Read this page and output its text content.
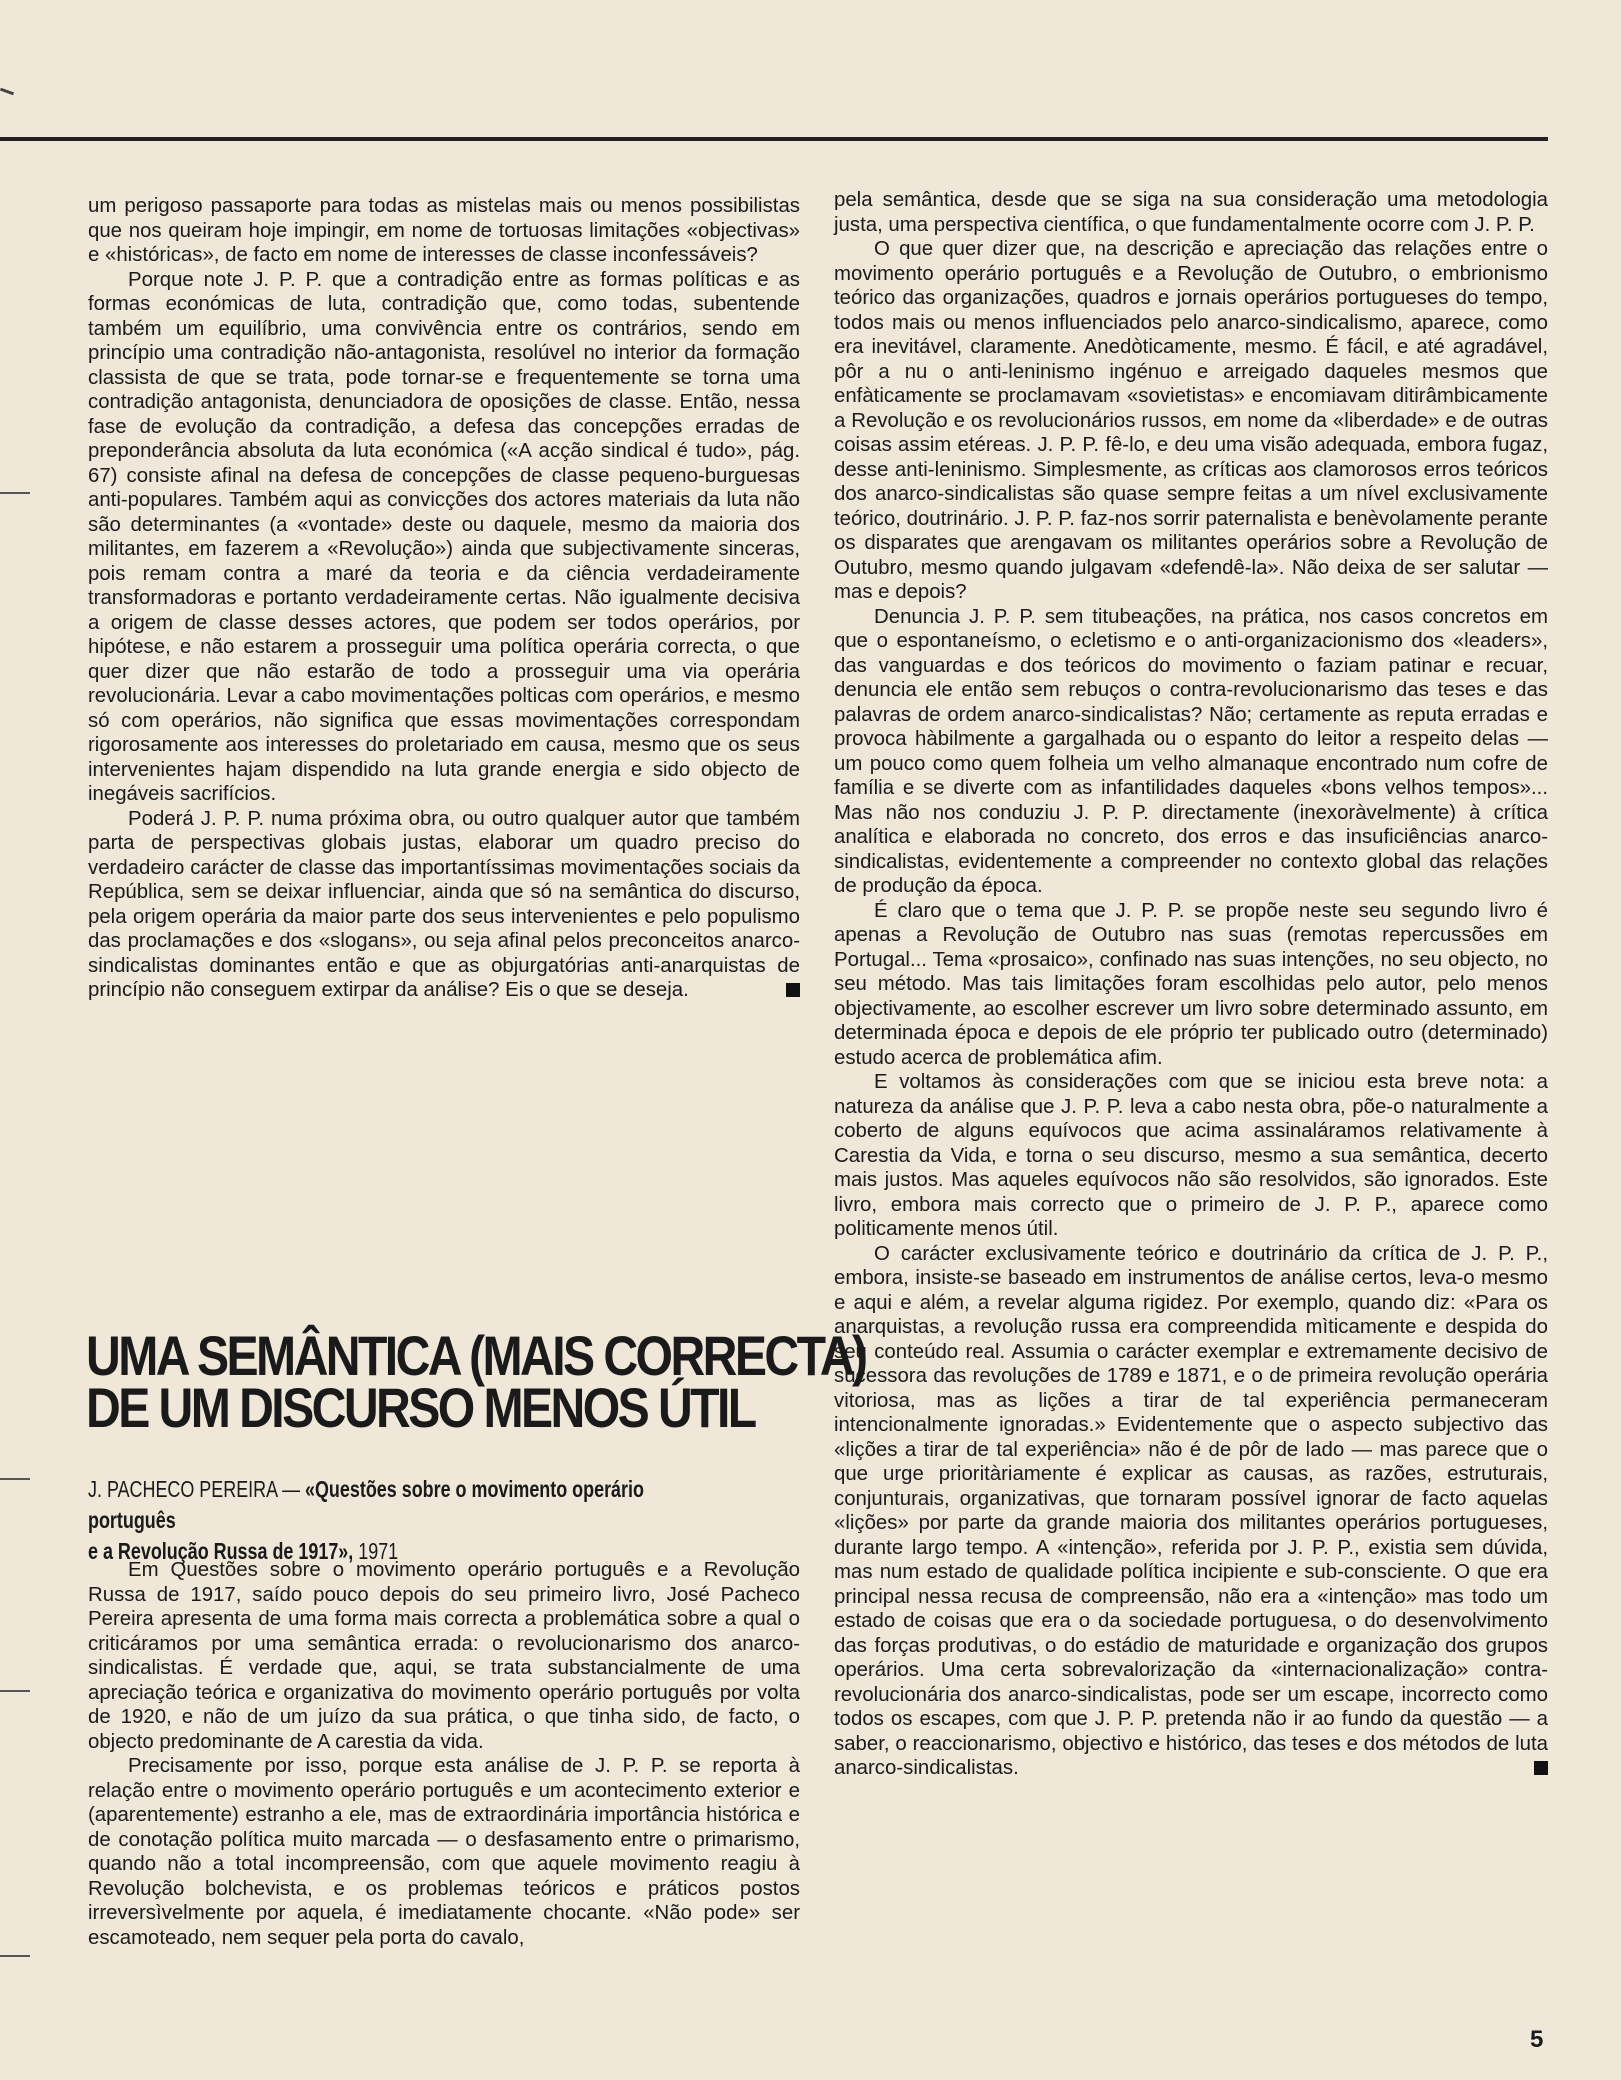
um perigoso passaporte para todas as mistelas mais ou menos possibilistas que nos queiram hoje impingir, em nome de tortuosas limitações «objectivas» e «históricas», de facto em nome de interesses de classe inconfessáveis?

Porque note J. P. P. que a contradição entre as formas políticas e as formas económicas de luta, contradição que, como todas, subentende também um equilíbrio, uma convivência entre os contrários, sendo em princípio uma contradição não-antagonista, resolúvel no interior da formação classista de que se trata, pode tornar-se e frequentemente se torna uma contradição antagonista, denunciadora de oposições de classe. Então, nessa fase de evolução da contradição, a defesa das concepções erradas de preponderância absoluta da luta económica («A acção sindical é tudo», pág. 67) consiste afinal na defesa de concepções de classe pequeno-burguesas anti-populares. Também aqui as convicções dos actores materiais da luta não são determinantes (a «vontade» deste ou daquele, mesmo da maioria dos militantes, em fazerem a «Revolução») ainda que subjectivamente sinceras, pois remam contra a maré da teoria e da ciência verdadeiramente transformadoras e portanto verdadeiramente certas. Não igualmente decisiva a origem de classe desses actores, que podem ser todos operários, por hipótese, e não estarem a prosseguir uma política operária correcta, o que quer dizer que não estarão de todo a prosseguir uma via operária revolucionária. Levar a cabo movimentações polticas com operários, e mesmo só com operários, não significa que essas movimentações correspondam rigorosamente aos interesses do proletariado em causa, mesmo que os seus intervenientes hajam dispendido na luta grande energia e sido objecto de inegáveis sacrifícios.

Poderá J. P. P. numa próxima obra, ou outro qualquer autor que também parta de perspectivas globais justas, elaborar um quadro preciso do verdadeiro carácter de classe das importantíssimas movimentações sociais da República, sem se deixar influenciar, ainda que só na semântica do discurso, pela origem operária da maior parte dos seus intervenientes e pelo populismo das proclamações e dos «slogans», ou seja afinal pelos preconceitos anarco-sindicalistas dominantes então e que as objurgatórias anti-anarquistas de princípio não conseguem extirpar da análise? Eis o que se deseja.

UMA SEMÂNTICA (MAIS CORRECTA)
DE UM DISCURSO MENOS ÚTIL
J. PACHECO PEREIRA — «Questões sobre o movimento operário português
e a Revolução Russa de 1917», 1971

Em Questões sobre o movimento operário português e a Revolução Russa de 1917, saído pouco depois do seu primeiro livro, José Pacheco Pereira apresenta de uma forma mais correcta a problemática sobre a qual o criticáramos por uma semântica errada: o revolucionarismo dos anarco-sindicalistas. É verdade que, aqui, se trata substancialmente de uma apreciação teórica e organizativa do movimento operário português por volta de 1920, e não de um juízo da sua prática, o que tinha sido, de facto, o objecto predominante de A carestia da vida.

Precisamente por isso, porque esta análise de J. P. P. se reporta à relação entre o movimento operário português e um acontecimento exterior e (aparentemente) estranho a ele, mas de extraordinária importância histórica e de conotação política muito marcada — o desfasamento entre o primarismo, quando não a total incompreensão, com que aquele movimento reagiu à Revolução bolchevista, e os problemas teóricos e práticos postos irreversìvelmente por aquela, é imediatamente chocante. «Não pode» ser escamoteado, nem sequer pela porta do cavalo,

pela semântica, desde que se siga na sua consideração uma metodologia justa, uma perspectiva científica, o que fundamentalmente ocorre com J. P. P.

O que quer dizer que, na descrição e apreciação das relações entre o movimento operário português e a Revolução de Outubro, o embrionismo teórico das organizações, quadros e jornais operários portugueses do tempo, todos mais ou menos influenciados pelo anarco-sindicalismo, aparece, como era inevitável, claramente. Anedòticamente, mesmo. É fácil, e até agradável, pôr a nu o anti-leninismo ingénuo e arreigado daqueles mesmos que enfàticamente se proclamavam «sovietistas» e encomiavam ditirâmbicamente a Revolução e os revolucionários russos, em nome da «liberdade» e de outras coisas assim etéreas. J. P. P. fê-lo, e deu uma visão adequada, embora fugaz, desse anti-leninismo. Simplesmente, as críticas aos clamorosos erros teóricos dos anarco-sindicalistas são quase sempre feitas a um nível exclusivamente teórico, doutrinário. J. P. P. faz-nos sorrir paternalista e benèvolamente perante os disparates que arengavam os militantes operários sobre a Revolução de Outubro, mesmo quando julgavam «defendê-la». Não deixa de ser salutar — mas e depois?

Denuncia J. P. P. sem titubeações, na prática, nos casos concretos em que o espontaneísmo, o ecletismo e o anti-organizacionismo dos «leaders», das vanguardas e dos teóricos do movimento o faziam patinar e recuar, denuncia ele então sem rebuços o contra-revolucionarismo das teses e das palavras de ordem anarco-sindicalistas? Não; certamente as reputa erradas e provoca hàbilmente a gargalhada ou o espanto do leitor a respeito delas — um pouco como quem folheia um velho almanaque encontrado num cofre de família e se diverte com as infantilidades daqueles «bons velhos tempos»... Mas não nos conduziu J. P. P. directamente (inexoràvelmente) à crítica analítica e elaborada no concreto, dos erros e das insuficiências anarco-sindicalistas, evidentemente a compreender no contexto global das relações de produção da época.

É claro que o tema que J. P. P. se propõe neste seu segundo livro é apenas a Revolução de Outubro nas suas (remotas repercussões em Portugal... Tema «prosaico», confinado nas suas intenções, no seu objecto, no seu método. Mas tais limitações foram escolhidas pelo autor, pelo menos objectivamente, ao escolher escrever um livro sobre determinado assunto, em determinada época e depois de ele próprio ter publicado outro (determinado) estudo acerca de problemática afim.

E voltamos às considerações com que se iniciou esta breve nota: a natureza da análise que J. P. P. leva a cabo nesta obra, põe-o naturalmente a coberto de alguns equívocos que acima assinaláramos relativamente à Carestia da Vida, e torna o seu discurso, mesmo a sua semântica, decerto mais justos. Mas aqueles equívocos não são resolvidos, são ignorados. Este livro, embora mais correcto que o primeiro de J. P. P., aparece como politicamente menos útil.

O carácter exclusivamente teórico e doutrinário da crítica de J. P. P., embora, insiste-se baseado em instrumentos de análise certos, leva-o mesmo e aqui e além, a revelar alguma rigidez. Por exemplo, quando diz: «Para os anarquistas, a revolução russa era compreendida mìticamente e despida do seu conteúdo real. Assumia o carácter exemplar e extremamente decisivo de sucessora das revoluções de 1789 e 1871, e o de primeira revolução operária vitoriosa, mas as lições a tirar de tal experiência permaneceram intencionalmente ignoradas.» Evidentemente que o aspecto subjectivo das «lições a tirar de tal experiência» não é de pôr de lado — mas parece que o que urge prioritàriamente é explicar as causas, as razões, estruturais, conjunturais, organizativas, que tornaram possível ignorar de facto aquelas «lições» por parte da grande maioria dos militantes operários portugueses, durante largo tempo. A «intenção», referida por J. P. P., existia sem dúvida, mas num estado de qualidade política incipiente e sub-consciente. O que era principal nessa recusa de compreensão, não era a «intenção» mas todo um estado de coisas que era o da sociedade portuguesa, o do desenvolvimento das forças produtivas, o do estádio de maturidade e organização dos grupos operários. Uma certa sobrevalorização da «internacionalização» contra-revolucionária dos anarco-sindicalistas, pode ser um escape, incorrecto como todos os escapes, com que J. P. P. pretenda não ir ao fundo da questão — a saber, o reaccionarismo, objectivo e histórico, das teses e dos métodos de luta anarco-sindicalistas.

5
